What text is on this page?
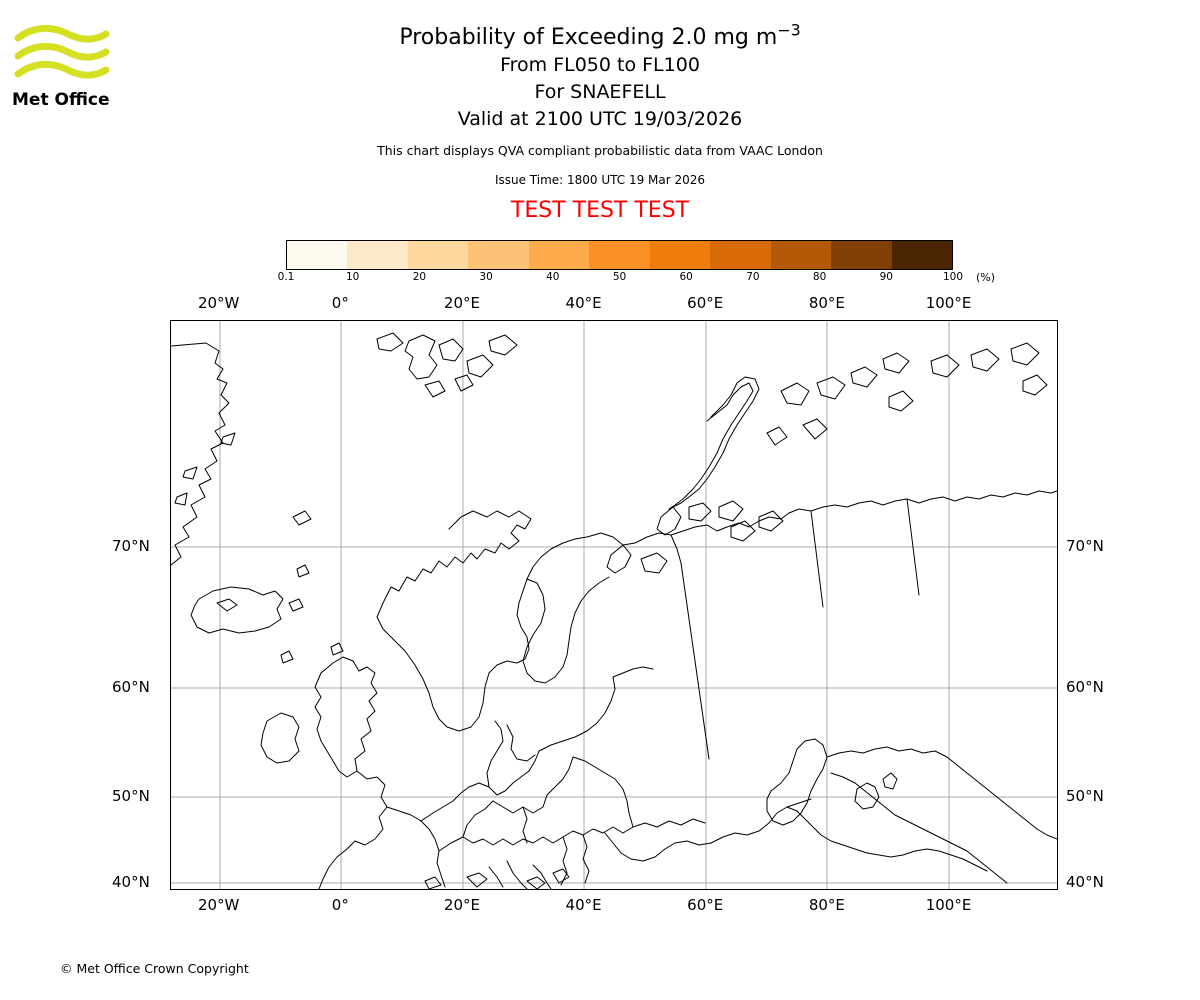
Met Office
Probability of Exceeding 2.0 mg $m^{-3}$
From FL050 to FL100
For SNAEFELL
Valid at 2100 UTC 19/03/2026
This chart displays QVA compliant probabilistic data from VAAC London
Issue Time: 1800 UTC 19 Mar 2026
TEST TEST TEST
0.1	10	20	30	40	50	60	70	80	90	100 (%)
20°W	0°	20°E	40°E	60°E	80°E	100°E
20°W	0°	20°E	40°E	60°E	80°E	100°E
70°N
60°N
50°N
40°N
70°N
60°N
50°N
40°N
© Met Office Crown Copyright
